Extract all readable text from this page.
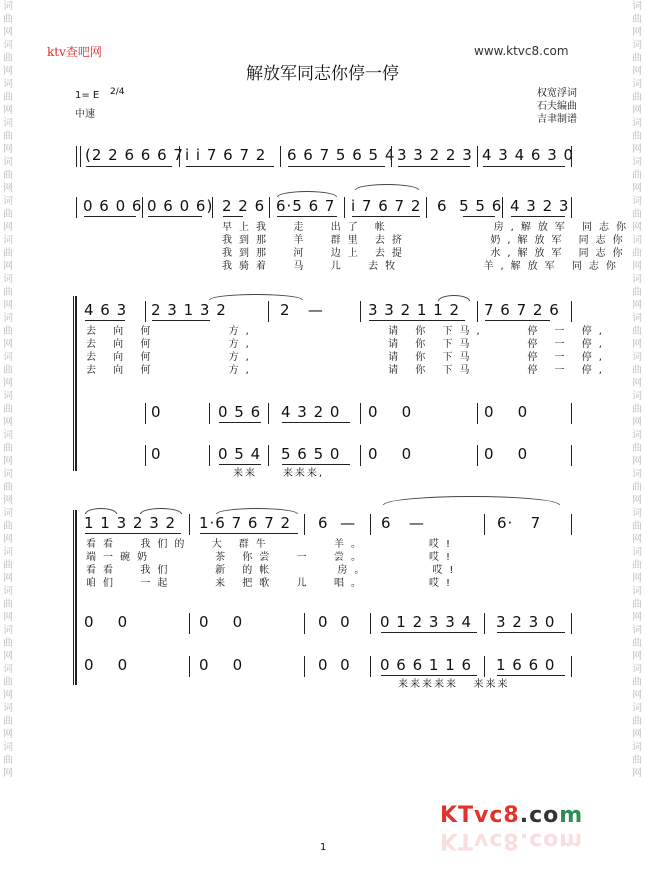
词曲网词曲网词曲网词曲网词曲网词曲网词曲网词曲网词曲网词曲网词曲网词曲网词曲网词曲网词曲网词曲网词曲网词曲网词曲网词曲网
词曲网词曲网词曲网词曲网词曲网词曲网词曲网词曲网词曲网词曲网词曲网词曲网词曲网词曲网词曲网词曲网词曲网词曲网词曲网词曲网
ktv查吧网	www.ktvc8.com
解放军同志你停一停
1= E 2/4
中速
权宽浮词
石夫编曲
吉聿制谱
(2 2 6 6 6 7 i i 7 6 7 2 6 6 7 5 6 5 4 3 3 2 2 3 4 3 4 6 3 0
0 6 0 6 0 6 0 6) 2 2 6 6·5 6 7 i 7 6 7 2 6  5 5 6 4 3 2 3
早上我  走  出了 帐          房,解放军 同志你
我到那  羊  群里 去挤        奶,解放军 同志你
我到那  河  边上 去提        水,解放军 同志你
我骑着  马  儿  去牧        羊,解放军 同志你
4 6 3 2 3 1 3 2	2   —	3 3 2 1 1 2 7 6 7 2 6
去 向 何       方,             请 你 下马,    停 一 停,
去 向 何       方,             请 你 下马     停 一 停,
去 向 何       方,             请 你 下马     停 一 停,
去 向 何       方,             请 你 下马     停 一 停,
0	0 5 6 4 3 2 0 0    0	0    0
0	0 5 4 5 6 5 0 0    0	0    0
来来     来来来,
1 1 3 2 3 2 1·6 7 6 7 2 6  — 6   —	6·   7
看看  我们的  大 群牛      羊。      哎!
端一碗奶      茶 你尝  一  尝。      哎!
看看  我们    新 的帐      房。      哎!
咱们  一起    来 把歌  儿  唱。      哎!
0    0	0    0	0  0 0 1 2 3 3 4 3 2 3 0
0    0	0    0	0  0 0 6 6 1 1 6 1 6 6 0
来来来来来   来来来
KTvc8.com
KTvc8.com
1
